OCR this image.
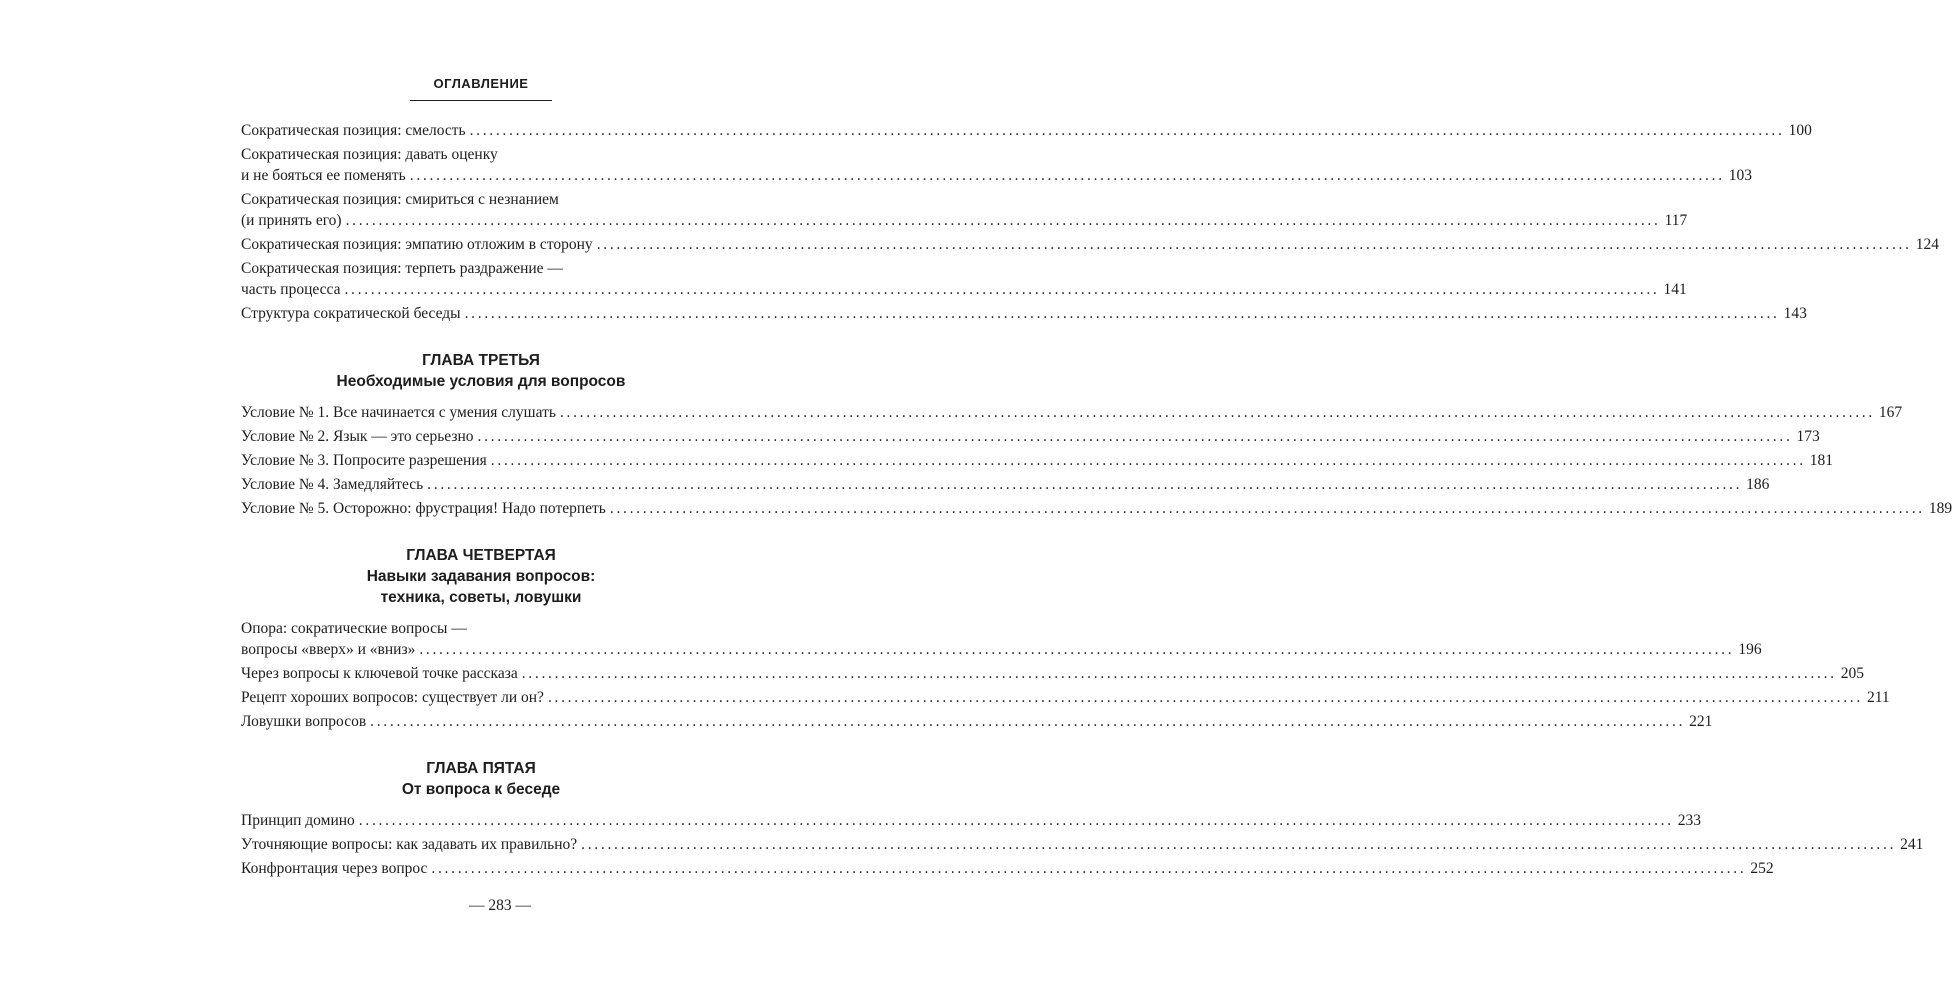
ОГЛАВЛЕНИЕ
Сократическая позиция: смелость ........................................................................................................................................................................................................ 100
Сократическая позиция: давать оценку
и не бояться ее поменять ........................................................................................................................................................................................................ 103
Сократическая позиция: смириться с незнанием
(и принять его) ........................................................................................................................................................................................................ 117
Сократическая позиция: эмпатию отложим в сторону ........................................................................................................................................................................................................ 124
Сократическая позиция: терпеть раздражение —
часть процесса ........................................................................................................................................................................................................ 141
Структура сократической беседы ........................................................................................................................................................................................................ 143
ГЛАВА ТРЕТЬЯ
Необходимые условия для вопросов
Условие № 1. Все начинается с умения слушать ........................................................................................................................................................................................................ 167
Условие № 2. Язык — это серьезно ........................................................................................................................................................................................................ 173
Условие № 3. Попросите разрешения ........................................................................................................................................................................................................ 181
Условие № 4. Замедляйтесь ........................................................................................................................................................................................................ 186
Условие № 5. Осторожно: фрустрация! Надо потерпеть ........................................................................................................................................................................................................ 189
ГЛАВА ЧЕТВЕРТАЯ
Навыки задавания вопросов:
техника, советы, ловушки
Опора: сократические вопросы —
вопросы «вверх» и «вниз» ........................................................................................................................................................................................................ 196
Через вопросы к ключевой точке рассказа ........................................................................................................................................................................................................ 205
Рецепт хороших вопросов: существует ли он? ........................................................................................................................................................................................................ 211
Ловушки вопросов ........................................................................................................................................................................................................ 221
ГЛАВА ПЯТАЯ
От вопроса к беседе
Принцип домино ........................................................................................................................................................................................................ 233
Уточняющие вопросы: как задавать их правильно? ........................................................................................................................................................................................................ 241
Конфронтация через вопрос ........................................................................................................................................................................................................ 252
— 283 —
